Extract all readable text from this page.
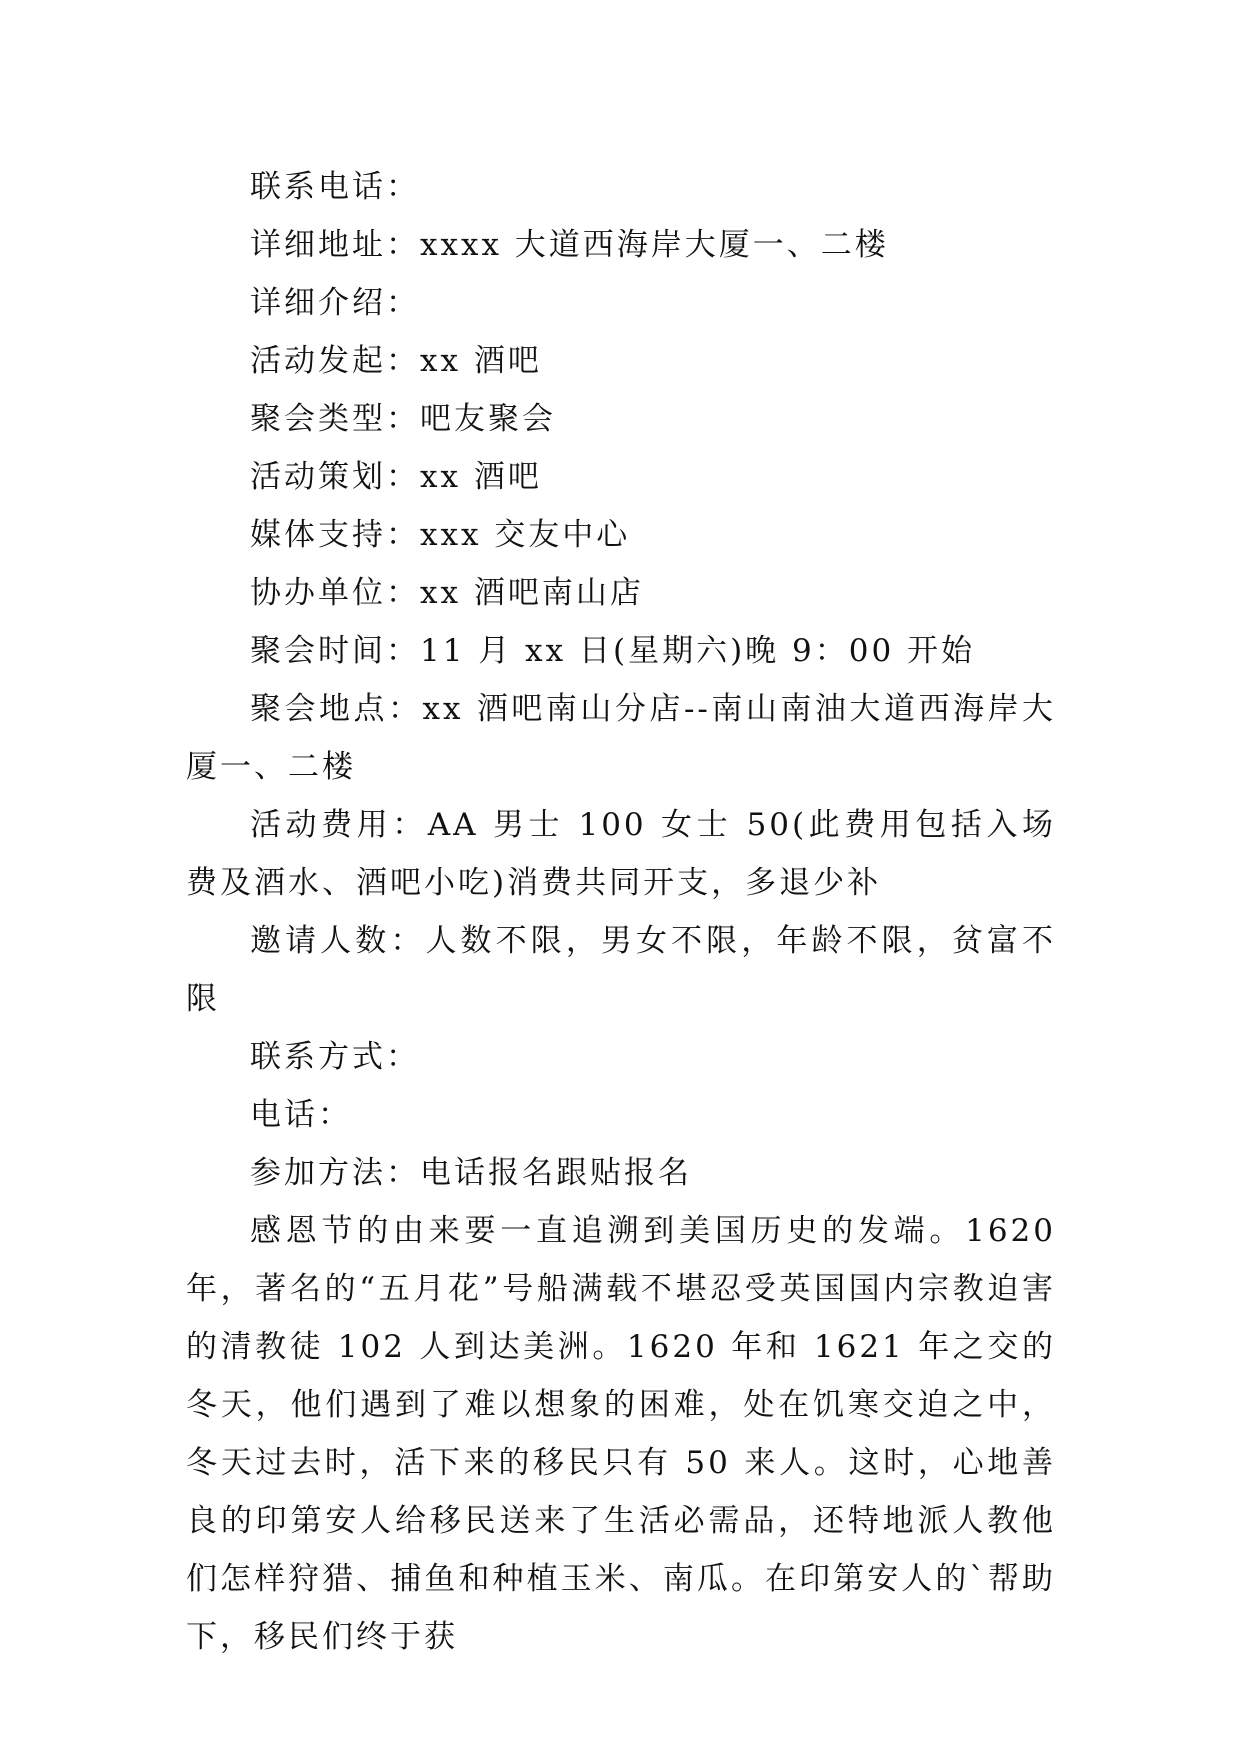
联系电话：

详细地址：xxxx 大道西海岸大厦一、二楼

详细介绍：

活动发起：xx 酒吧

聚会类型：吧友聚会

活动策划：xx 酒吧

媒体支持：xxx 交友中心

协办单位：xx 酒吧南山店

聚会时间：11 月 xx 日(星期六)晚 9：00 开始

聚会地点：xx 酒吧南山分店--南山南油大道西海岸大厦一、二楼

活动费用：AA 男士 100 女士 50(此费用包括入场费及酒水、酒吧小吃)消费共同开支，多退少补

邀请人数：人数不限，男女不限，年龄不限，贫富不限

联系方式：

电话：

参加方法：电话报名跟贴报名

感恩节的由来要一直追溯到美国历史的发端。1620 年，著名的“五月花”号船满载不堪忍受英国国内宗教迫害的清教徒 102 人到达美洲。1620 年和 1621 年之交的冬天，他们遇到了难以想象的困难，处在饥寒交迫之中，冬天过去时，活下来的移民只有 50 来人。这时，心地善良的印第安人给移民送来了生活必需品，还特地派人教他们怎样狩猎、捕鱼和种植玉米、南瓜。在印第安人的`帮助下，移民们终于获
